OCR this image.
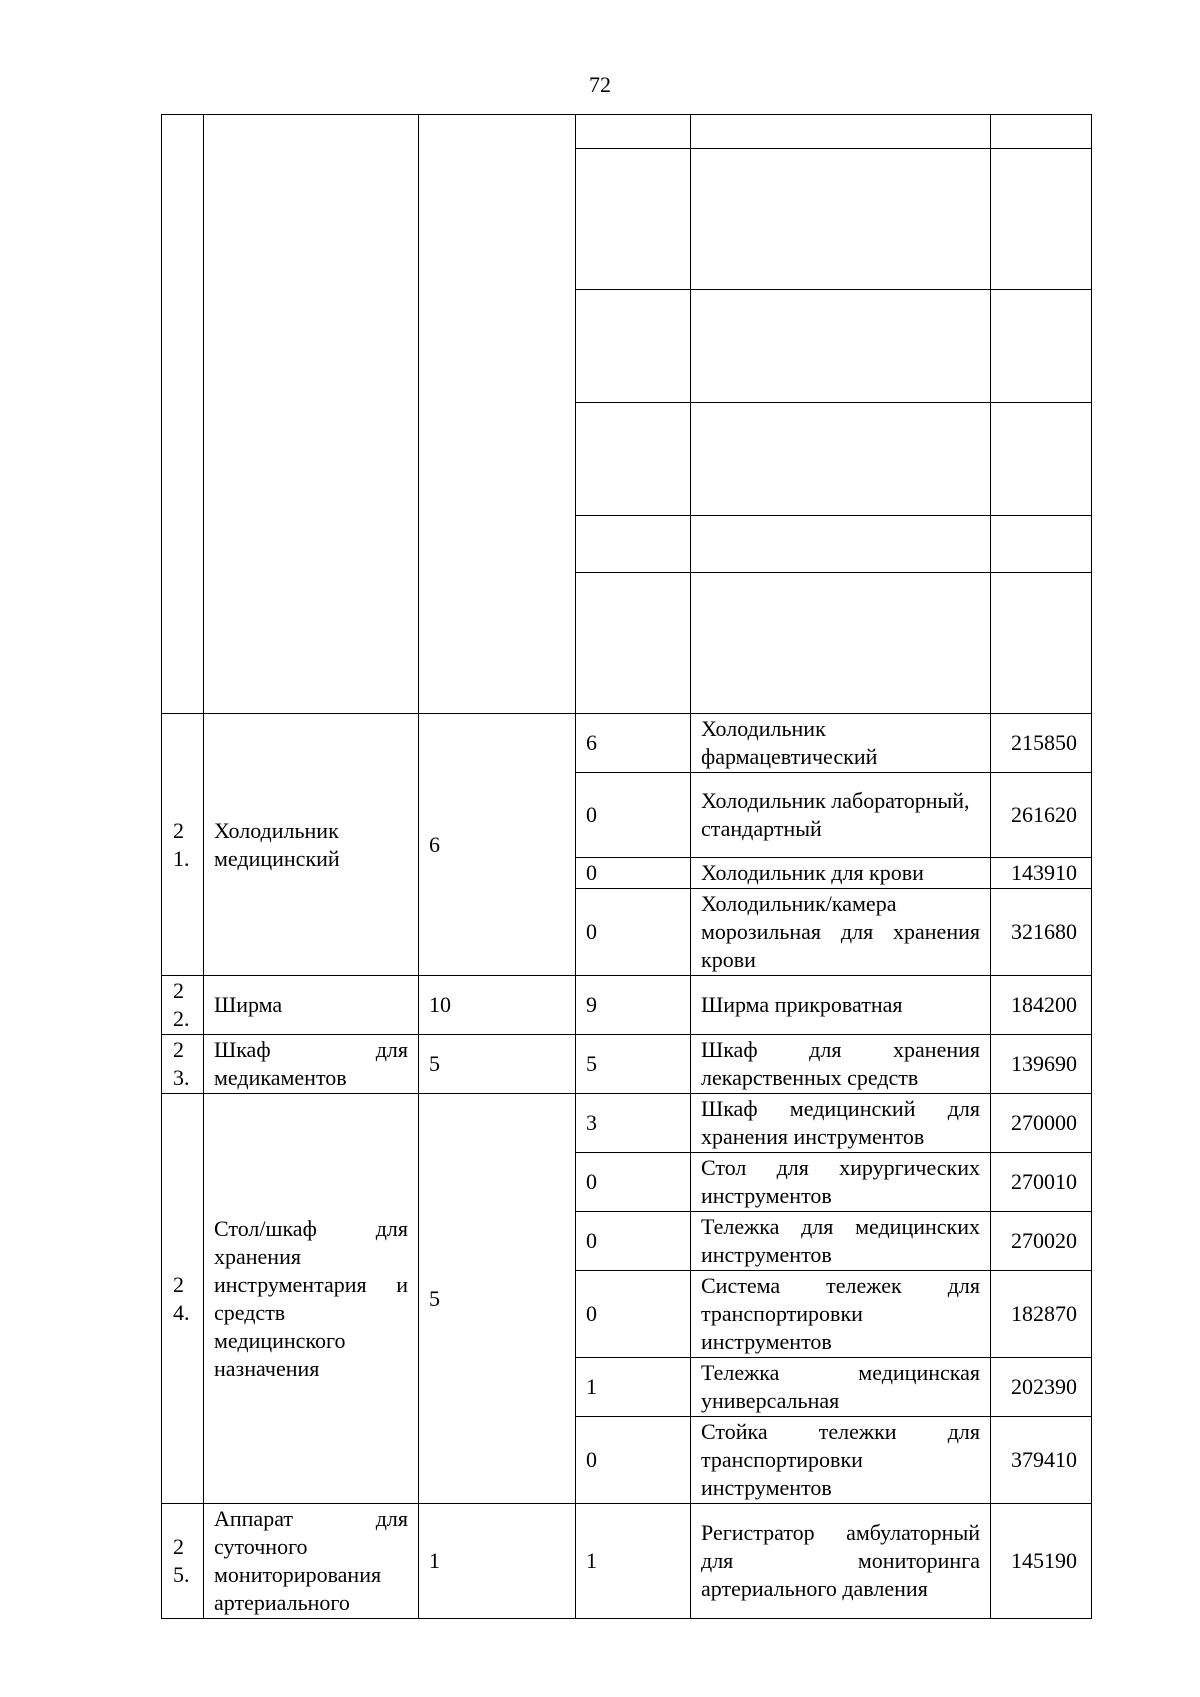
72

2
1.	Холодильник медицинский	6	6	Холодильник фармацевтический	215850
			0	Холодильник лабораторный, стандартный	261620
			0	Холодильник для крови	143910
			0	Холодильник/камера морозильная для хранения крови	321680

2
2.	Ширма	10	9	Ширма прикроватная	184200

2
3.	Шкаф для медикаментов	5	5	Шкаф для хранения лекарственных средств	139690

2
4.	Стол/шкаф для хранения инструментария и средств медицинского назначения	5	3	Шкаф медицинский для хранения инструментов	270000
			0	Стол для хирургических инструментов	270010
			0	Тележка для медицинских инструментов	270020
			0	Система тележек для транспортировки инструментов	182870
			1	Тележка медицинская универсальная	202390
			0	Стойка тележки для транспортировки инструментов	379410

2
5.	Аппарат для суточного мониторирования артериального	1	1	Регистратор амбулаторный для мониторинга артериального давления	145190
